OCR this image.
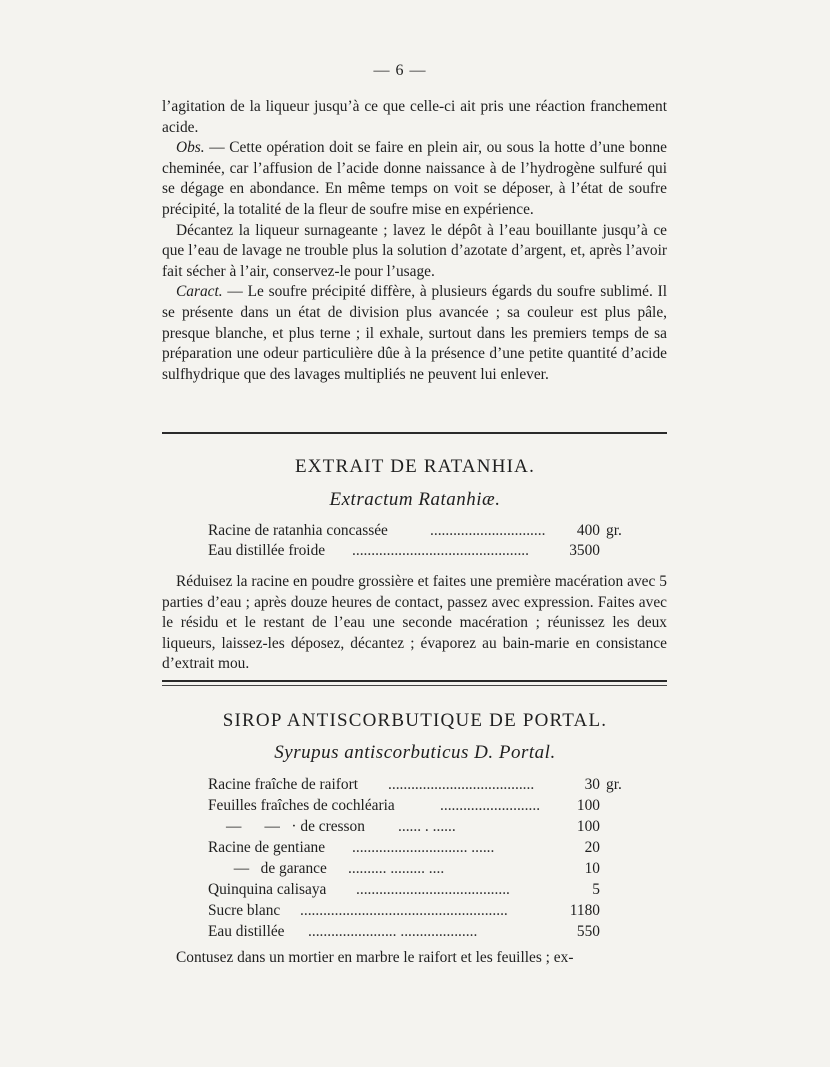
— 6 —

l’agitation de la liqueur jusqu’à ce que celle-ci ait pris une réaction franchement acide.

Obs. — Cette opération doit se faire en plein air, ou sous la hotte d’une bonne cheminée, car l’affusion de l’acide donne naissance à de l’hydrogène sulfuré qui se dégage en abondance. En même temps on voit se déposer, à l’état de soufre précipité, la totalité de la fleur de soufre mise en expérience.

Décantez la liqueur surnageante ; lavez le dépôt à l’eau bouillante jusqu’à ce que l’eau de lavage ne trouble plus la solution d’azotate d’argent, et, après l’avoir fait sécher à l’air, conservez-le pour l’usage.

Caract. — Le soufre précipité diffère, à plusieurs égards du soufre sublimé. Il se présente dans un état de division plus avancée ; sa couleur est plus pâle, presque blanche, et plus terne ; il exhale, surtout dans les premiers temps de sa préparation une odeur particulière dûe à la présence d’une petite quantité d’acide sulfhydrique que des lavages multipliés ne peuvent lui enlever.

EXTRAIT DE RATANHIA.
Extractum Ratanhiæ.
Racine de ratanhia concassée	..............................	400 gr.
Eau distillée froide ..............................................	3500

Réduisez la racine en poudre grossière et faites une première macération avec 5 parties d’eau ; après douze heures de contact, passez avec expression. Faites avec le résidu et le restant de l’eau une seconde macération ; réunissez les deux liqueurs, laissez-les déposez, décantez ; évaporez au bain-marie en consistance d’extrait mou.

SIROP ANTISCORBUTIQUE DE PORTAL.
Syrupus antiscorbuticus D. Portal.
Racine fraîche de raifort ......................................	30 gr.
Feuilles fraîches de cochléaria	..........................	100
—      —   · de cresson ...... . ......	100
Racine de gentiane .............................. ......	20
—   de garance .......... ......... ....	10
Quinquina calisaya ........................................	5
Sucre blanc ......................................................	1180
Eau distillée ....................... ....................	550

Contusez dans un mortier en marbre le raifort et les feuilles ; ex-
